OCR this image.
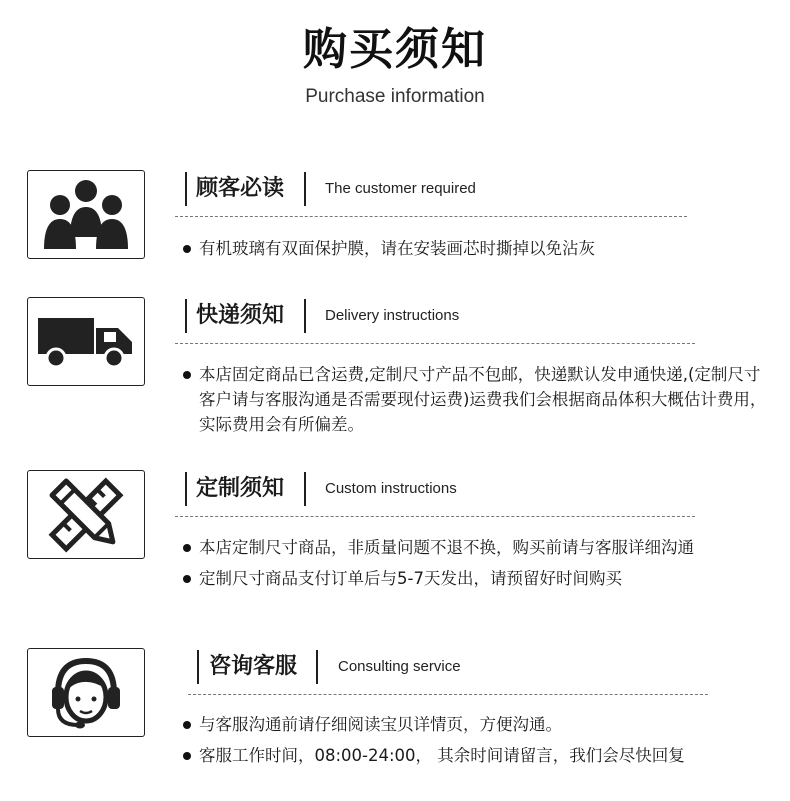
购买须知
Purchase information
顾客必读	The customer required
有机玻璃有双面保护膜，请在安装画芯时撕掉以免沾灰
快递须知	Delivery instructions
本店固定商品已含运费,定制尺寸产品不包邮，快递默认发申通快递,(定制尺寸客户请与客服沟通是否需要现付运费)运费我们会根据商品体积大概估计费用，实际费用会有所偏差。
定制须知	Custom instructions
本店定制尺寸商品，非质量问题不退不换，购买前请与客服详细沟通
定制尺寸商品支付订单后与5-7天发出，请预留好时间购买
咨询客服	Consulting service
与客服沟通前请仔细阅读宝贝详情页，方便沟通。
客服工作时间，08:00-24:00， 其余时间请留言，我们会尽快回复
